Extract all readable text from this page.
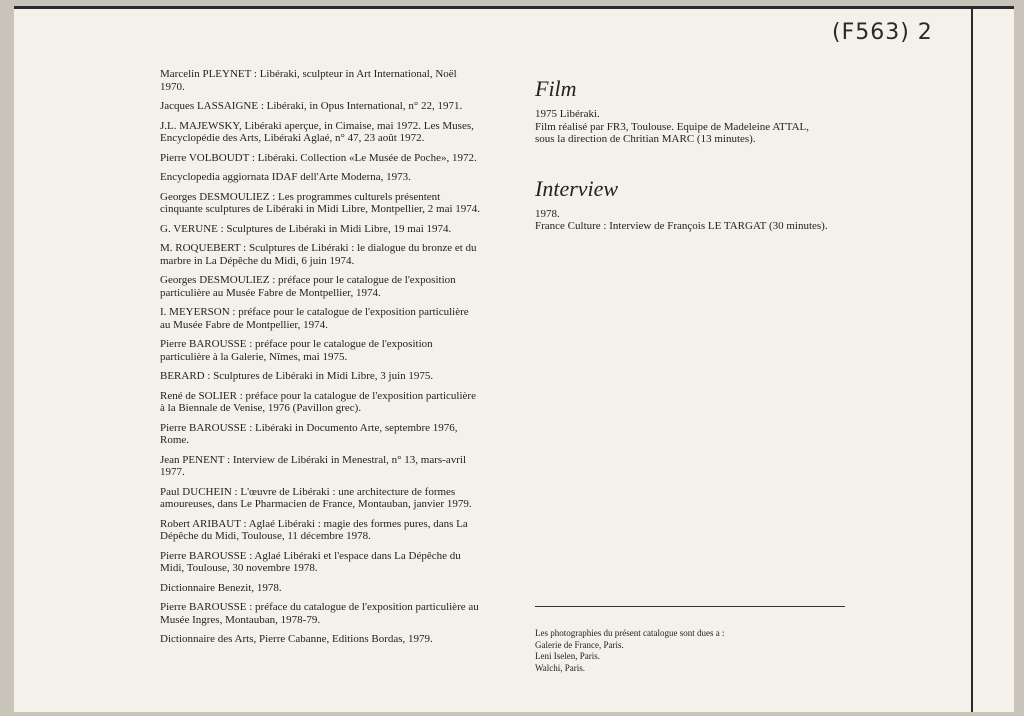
(F563) 2

Marcelin PLEYNET : Libéraki, sculpteur in Art International, Noël 1970.

Jacques LASSAIGNE : Libéraki, in Opus International, n° 22, 1971.

J.L. MAJEWSKY, Libéraki aperçue, in Cimaise, mai 1972. Les Muses, Encyclopédie des Arts, Libéraki Aglaé, n° 47, 23 août 1972.

Pierre VOLBOUDT : Libéraki. Collection «Le Musée de Poche», 1972.

Encyclopedia aggiornata IDAF dell'Arte Moderna, 1973.

Georges DESMOULIEZ : Les programmes culturels présentent cinquante sculptures de Libéraki in Midi Libre, Montpellier, 2 mai 1974.

G. VERUNE : Sculptures de Libéraki in Midi Libre, 19 mai 1974.

M. ROQUEBERT : Sculptures de Libéraki : le dialogue du bronze et du marbre in La Dépêche du Midi, 6 juin 1974.

Georges DESMOULIEZ : préface pour le catalogue de l'exposition particulière au Musée Fabre de Montpellier, 1974.

I. MEYERSON : préface pour le catalogue de l'exposition particulière au Musée Fabre de Montpellier, 1974.

Pierre BAROUSSE : préface pour le catalogue de l'exposition particulière à la Galerie, Nîmes, mai 1975.

BERARD : Sculptures de Libéraki in Midi Libre, 3 juin 1975.

René de SOLIER : préface pour la catalogue de l'exposition particulière à la Biennale de Venise, 1976 (Pavillon grec).

Pierre BAROUSSE : Libéraki in Documento Arte, septembre 1976, Rome.

Jean PENENT : Interview de Libéraki in Menestral, n° 13, mars-avril 1977.

Paul DUCHEIN : L'œuvre de Libéraki : une architecture de formes amoureuses, dans Le Pharmacien de France, Montauban, janvier 1979.

Robert ARIBAUT : Aglaé Libéraki : magie des formes pures, dans La Dépêche du Midi, Toulouse, 11 décembre 1978.

Pierre BAROUSSE : Aglaé Libéraki et l'espace dans La Dépêche du Midi, Toulouse, 30 novembre 1978.

Dictionnaire Benezit, 1978.

Pierre BAROUSSE : préface du catalogue de l'exposition particulière au Musée Ingres, Montauban, 1978-79.

Dictionnaire des Arts, Pierre Cabanne, Editions Bordas, 1979.

Film
1975 Libéraki.
Film réalisé par FR3, Toulouse. Equipe de Madeleine ATTAL,
sous la direction de Chritian MARC (13 minutes).
Interview
1978.
France Culture : Interview de François LE TARGAT (30 minutes).
Les photographies du présent catalogue sont dues a :
Galerie de France, Paris.
Leni Iselen, Paris.
Walchi, Paris.
